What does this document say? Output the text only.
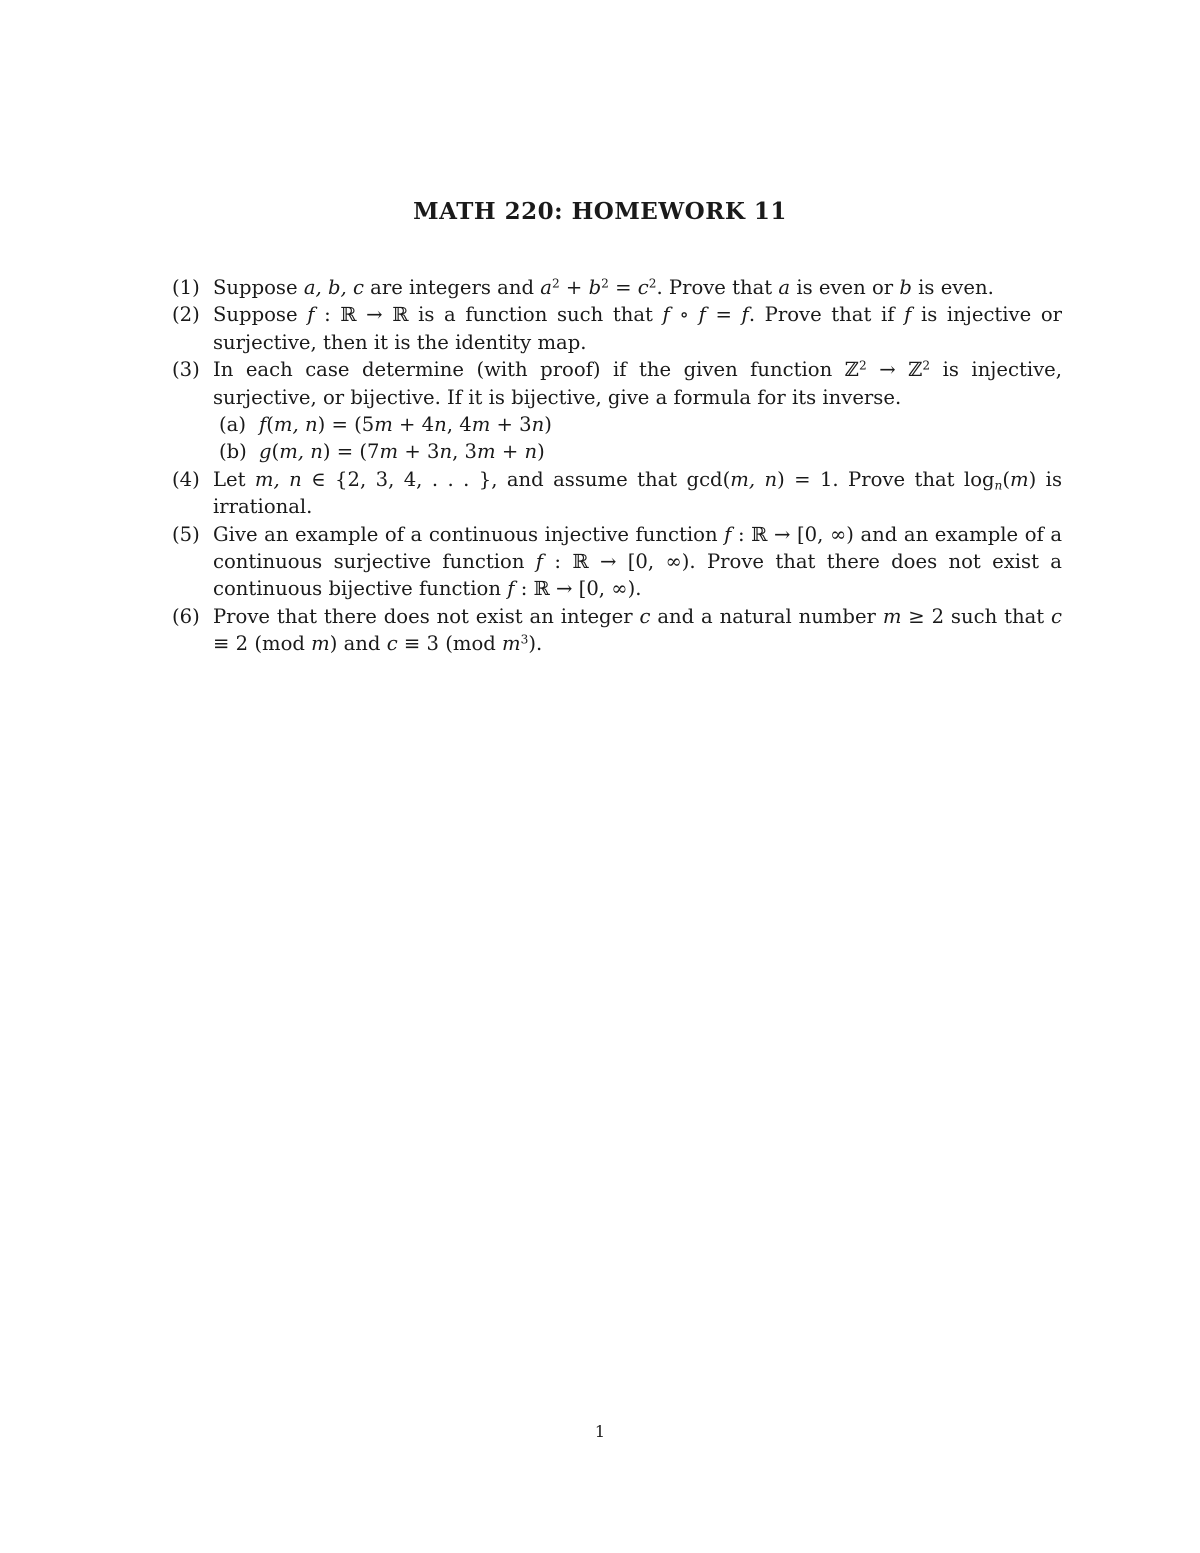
MATH 220: HOMEWORK 11
(1) Suppose a, b, c are integers and $a^2 + b^2 = c^2$. Prove that a is even or b is even.
(2) Suppose f : ℝ → ℝ is a function such that f ∘ f = f. Prove that if f is injective or surjective, then it is the identity map.
(3) In each case determine (with proof) if the given function ℤ$^2$ → ℤ$^2$ is injective, surjective, or bijective. If it is bijective, give a formula for its inverse.
(a) f(m, n) = (5m + 4n, 4m + 3n)
(b) g(m, n) = (7m + 3n, 3m + n)
(4) Let m, n ∈ {2, 3, 4, . . . }, and assume that gcd(m, n) = 1. Prove that $\log_n(m)$ is irrational.
(5) Give an example of a continuous injective function f : ℝ → [0, ∞) and an example of a continuous surjective function f : ℝ → [0, ∞). Prove that there does not exist a continuous bijective function f : ℝ → [0, ∞).
(6) Prove that there does not exist an integer c and a natural number m ≥ 2 such that c ≡ 2 (mod m) and c ≡ 3 (mod $m^3$).
1
